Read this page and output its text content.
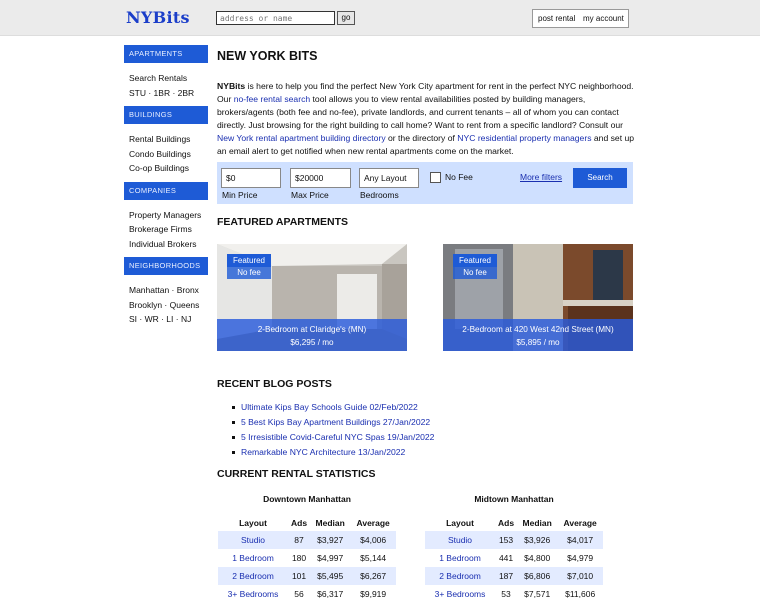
NYBits
address or name	go	post rental my account
APARTMENTS
Search Rentals
STU · 1BR · 2BR
BUILDINGS
Rental Buildings
Condo Buildings
Co-op Buildings
COMPANIES
Property Managers
Brokerage Firms
Individual Brokers
NEIGHBORHOODS
Manhattan · Bronx
Brooklyn · Queens
SI · WR · LI · NJ
NEW YORK BITS
NYBits is here to help you find the perfect New York City apartment for rent in the perfect NYC neighborhood. Our no-fee rental search tool allows you to view rental availabilities posted by building managers, brokers/agents (both fee and no-fee), private landlords, and current tenants – all of whom you can contact directly. Just browsing for the right building to call home? Want to rent from a specific landlord? Consult our New York rental apartment building directory or the directory of NYC residential property managers and set up an email alert to get notified when new rental apartments come on the market.
$0
Min Price
$20000
Max Price
Any Layout
Bedrooms
No Fee	More filters	Search
FEATURED APARTMENTS
Featured
No fee
2-Bedroom at Claridge's (MN)
$6,295 / mo
Featured
No fee
2-Bedroom at 420 West 42nd Street (MN)
$5,895 / mo
RECENT BLOG POSTS
Ultimate Kips Bay Schools Guide 02/Feb/2022
5 Best Kips Bay Apartment Buildings 27/Jan/2022
5 Irresistible Covid-Careful NYC Spas 19/Jan/2022
Remarkable NYC Architecture 13/Jan/2022
CURRENT RENTAL STATISTICS
Downtown Manhattan
Layout	Ads	Median	Average
Studio	87	$3,927	$4,006
1 Bedroom	180	$4,997	$5,144
2 Bedroom	101	$5,495	$6,267
3+ Bedrooms	56	$6,317	$9,919
Midtown Manhattan
Layout	Ads	Median	Average
Studio	153	$3,926	$4,017
1 Bedroom	441	$4,800	$4,979
2 Bedroom	187	$6,806	$7,010
3+ Bedrooms	53	$7,571	$11,606
